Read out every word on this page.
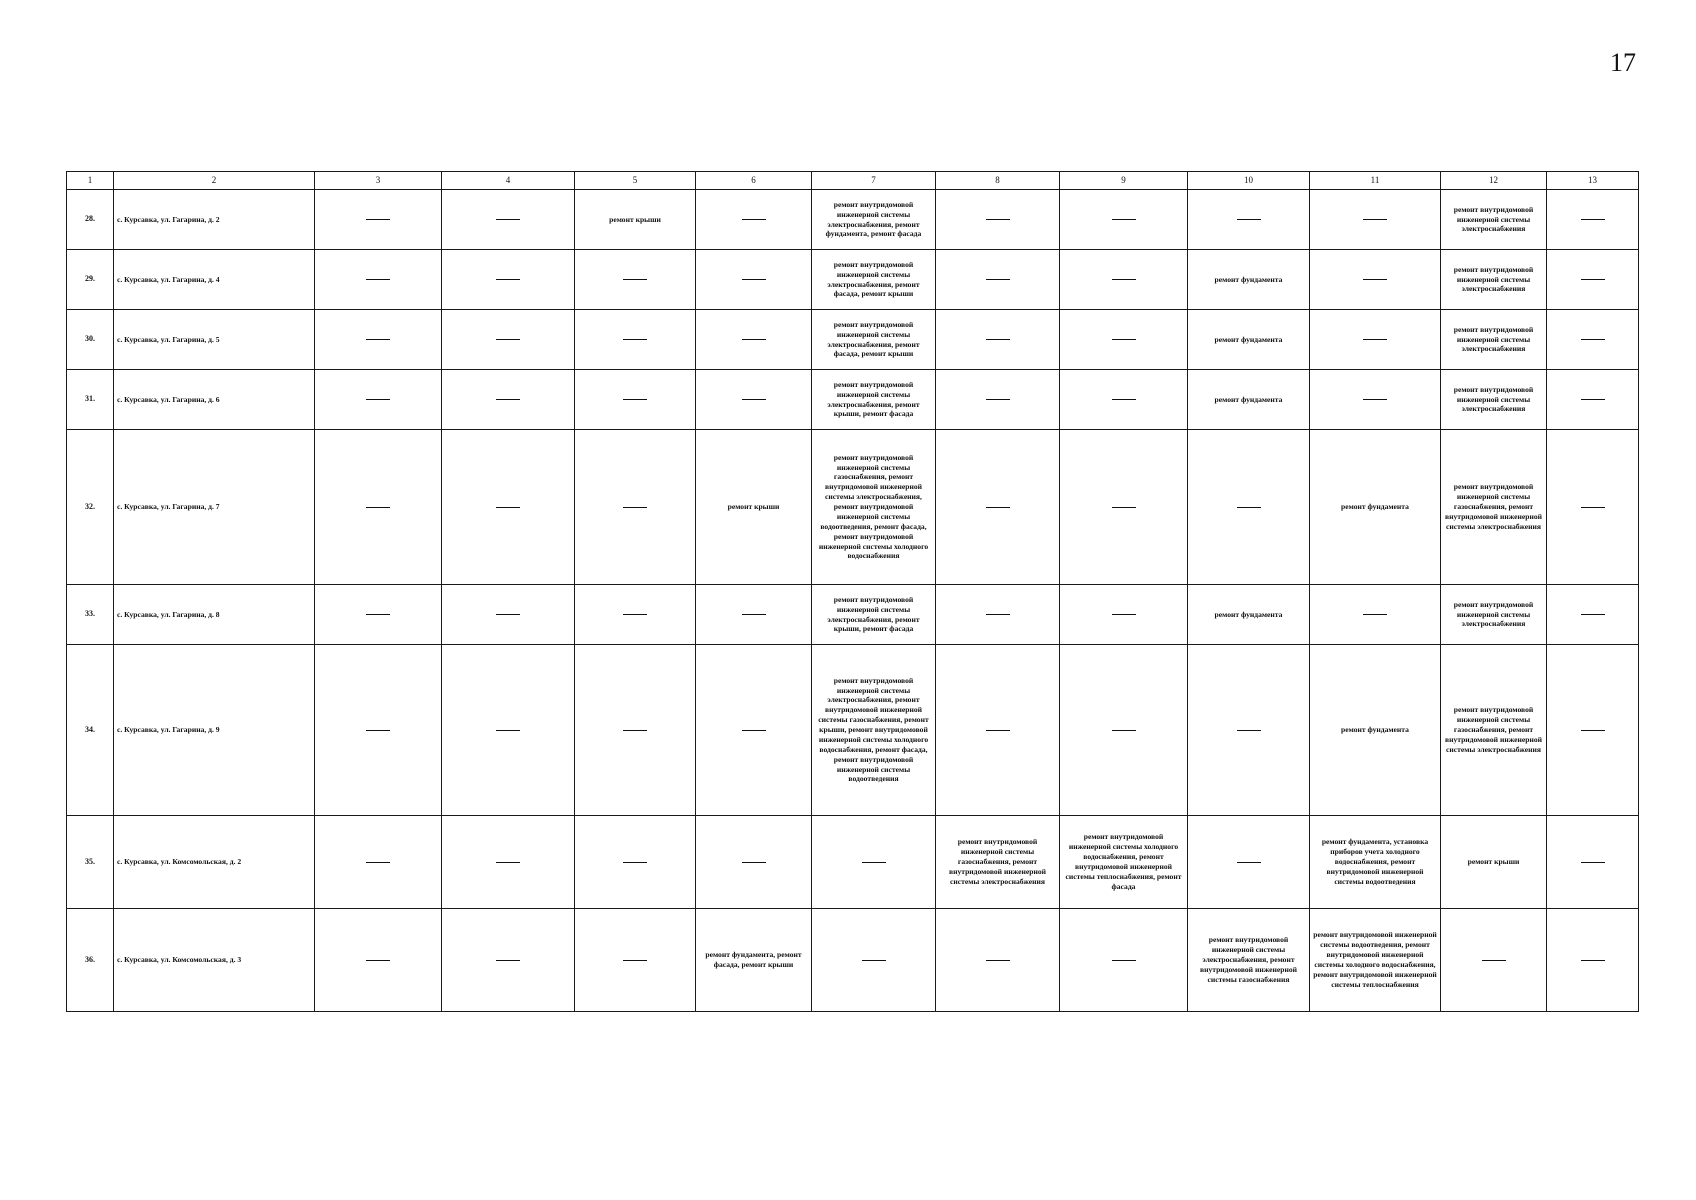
17
1	2	3	4	5	6	7	8	9	10	11	12	13
28.	с. Курсавка, ул. Гагарина, д. 2			ремонт крыши		ремонт внутридомовой инженерной системы электроснабжения, ремонт фундамента, ремонт фасада					ремонт внутридомовой инженерной системы электроснабжения	
29.	с. Курсавка, ул. Гагарина, д. 4					ремонт внутридомовой инженерной системы электроснабжения, ремонт фасада, ремонт крыши			ремонт фундамента		ремонт внутридомовой инженерной системы электроснабжения	
30.	с. Курсавка, ул. Гагарина, д. 5					ремонт внутридомовой инженерной системы электроснабжения, ремонт фасада, ремонт крыши			ремонт фундамента		ремонт внутридомовой инженерной системы электроснабжения	
31.	с. Курсавка, ул. Гагарина, д. 6					ремонт внутридомовой инженерной системы электроснабжения, ремонт крыши, ремонт фасада			ремонт фундамента		ремонт внутридомовой инженерной системы электроснабжения	
32.	с. Курсавка, ул. Гагарина, д. 7				ремонт крыши	ремонт внутридомовой инженерной системы газоснабжения, ремонт внутридомовой инженерной системы электроснабжения, ремонт внутридомовой инженерной системы водоотведения, ремонт фасада, ремонт внутридомовой инженерной системы холодного водоснабжения				ремонт фундамента	ремонт внутридомовой инженерной системы газоснабжения, ремонт внутридомовой инженерной системы электроснабжения	
33.	с. Курсавка, ул. Гагарина, д. 8					ремонт внутридомовой инженерной системы электроснабжения, ремонт крыши, ремонт фасада			ремонт фундамента		ремонт внутридомовой инженерной системы электроснабжения	
34.	с. Курсавка, ул. Гагарина, д. 9					ремонт внутридомовой инженерной системы электроснабжения, ремонт внутридомовой инженерной системы газоснабжения, ремонт крыши, ремонт внутридомовой инженерной системы холодного водоснабжения, ремонт фасада, ремонт внутридомовой инженерной системы водоотведения				ремонт фундамента	ремонт внутридомовой инженерной системы газоснабжения, ремонт внутридомовой инженерной системы электроснабжения	
35.	с. Курсавка, ул. Комсомольская, д. 2						ремонт внутридомовой инженерной системы газоснабжения, ремонт внутридомовой инженерной системы электроснабжения	ремонт внутридомовой инженерной системы холодного водоснабжения, ремонт внутридомовой инженерной системы теплоснабжения, ремонт фасада		ремонт фундамента, установка приборов учета холодного водоснабжения, ремонт внутридомовой инженерной системы водоотведения	ремонт крыши	
36.	с. Курсавка, ул. Комсомольская, д. 3				ремонт фундамента, ремонт фасада, ремонт крыши				ремонт внутридомовой инженерной системы электроснабжения, ремонт внутридомовой инженерной системы газоснабжения	ремонт внутридомовой инженерной системы водоотведения, ремонт внутридомовой инженерной системы холодного водоснабжения, ремонт внутридомовой инженерной системы теплоснабжения		
